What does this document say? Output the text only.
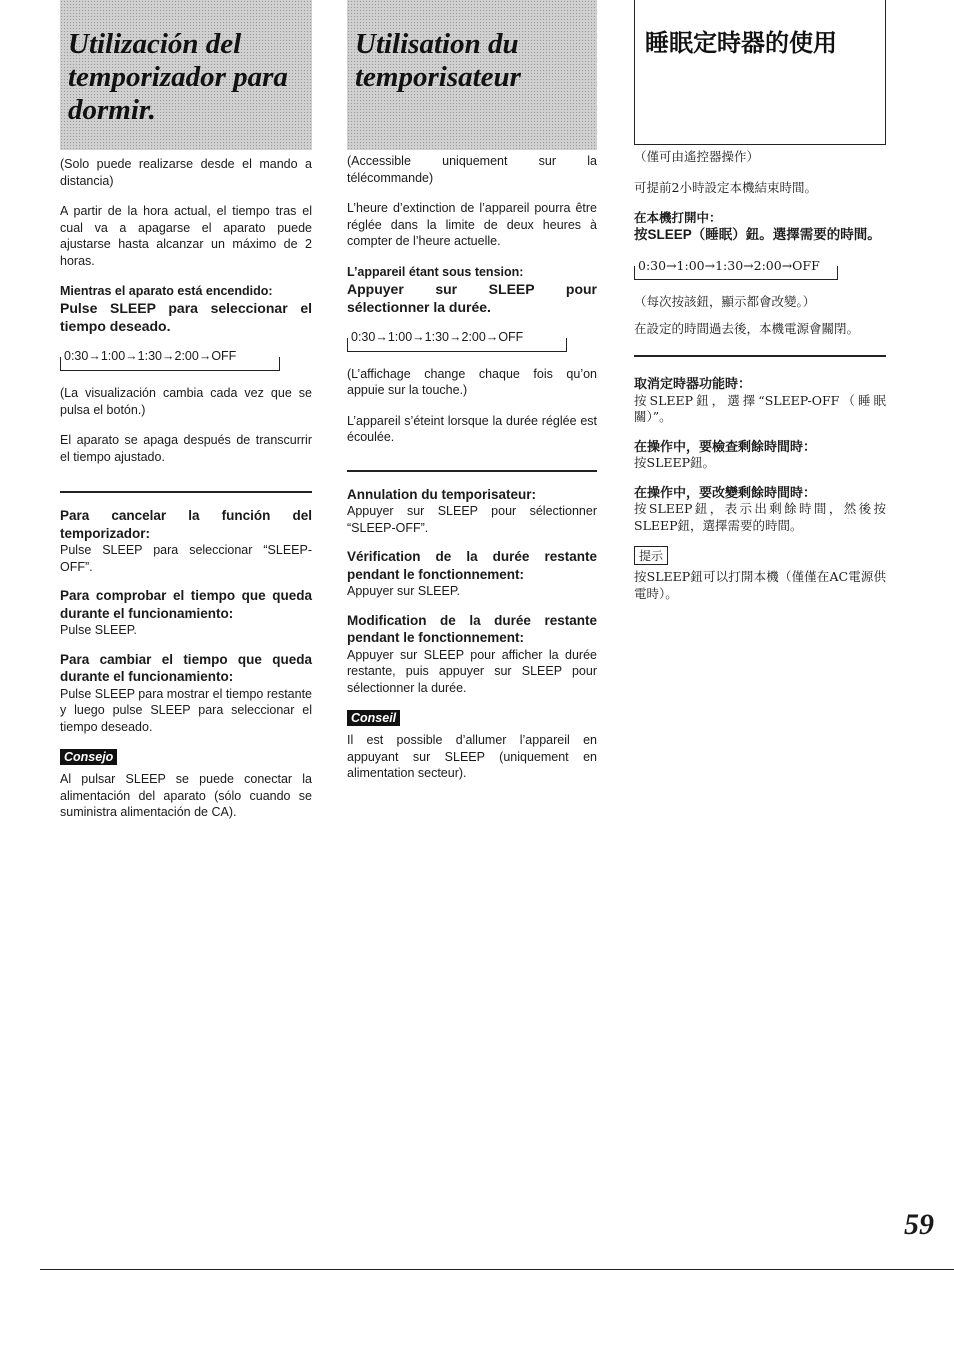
Utilización del temporizador para dormir.

(Solo puede realizarse desde el mando a distancia)

A partir de la hora actual, el tiempo tras el cual va a apagarse el aparato puede ajustarse hasta alcanzar un máximo de 2 horas.

Mientras el aparato está encendido:

Pulse SLEEP para seleccionar el tiempo deseado.

0:30→1:00→1:30→2:00→OFF

(La visualización cambia cada vez que se pulsa el botón.)

El aparato se apaga después de transcurrir el tiempo ajustado.

Para cancelar la función del temporizador:

Pulse SLEEP para seleccionar “SLEEP-OFF”.

Para comprobar el tiempo que queda durante el funcionamiento:

Pulse SLEEP.

Para cambiar el tiempo que queda durante el funcionamiento:

Pulse SLEEP para mostrar el tiempo restante y luego pulse SLEEP para seleccionar el tiempo deseado.

Consejo

Al pulsar SLEEP se puede conectar la alimentación del aparato (sólo cuando se suministra alimentación de CA).

Utilisation du temporisateur

(Accessible uniquement sur la télécommande)

L’heure d’extinction de l’appareil pourra être réglée dans la limite de deux heures à compter de l’heure actuelle.

L’appareil étant sous tension:

Appuyer sur SLEEP pour sélectionner la durée.

0:30→1:00→1:30→2:00→OFF

(L’affichage change chaque fois qu’on appuie sur la touche.)

L’appareil s’éteint lorsque la durée réglée est écoulée.

Annulation du temporisateur:

Appuyer sur SLEEP pour sélectionner “SLEEP-OFF”.

Vérification de la durée restante pendant le fonctionnement:

Appuyer sur SLEEP.

Modification de la durée restante pendant le fonctionnement:

Appuyer sur SLEEP pour afficher la durée restante, puis appuyer sur SLEEP pour sélectionner la durée.

Conseil

Il est possible d’allumer l’appareil en appuyant sur SLEEP (uniquement en alimentation secteur).

睡眠定時器的使用

（僅可由遙控器操作）

可提前2小時設定本機結束時間。

在本機打開中：

按SLEEP（睡眠）鈕。選擇需要的時間。

0:30→1:00→1:30→2:00→OFF

（每次按該鈕，顯示都會改變。）

在設定的時間過去後，本機電源會關閉。

取消定時器功能時：

按SLEEP鈕，選擇“SLEEP-OFF（睡眠關）”。

在操作中，要檢查剩餘時間時：

按SLEEP鈕。

在操作中，要改變剩餘時間時：

按SLEEP鈕，表示出剩餘時間，然後按SLEEP鈕，選擇需要的時間。

提示

按SLEEP鈕可以打開本機（僅僅在AC電源供電時）。

59
